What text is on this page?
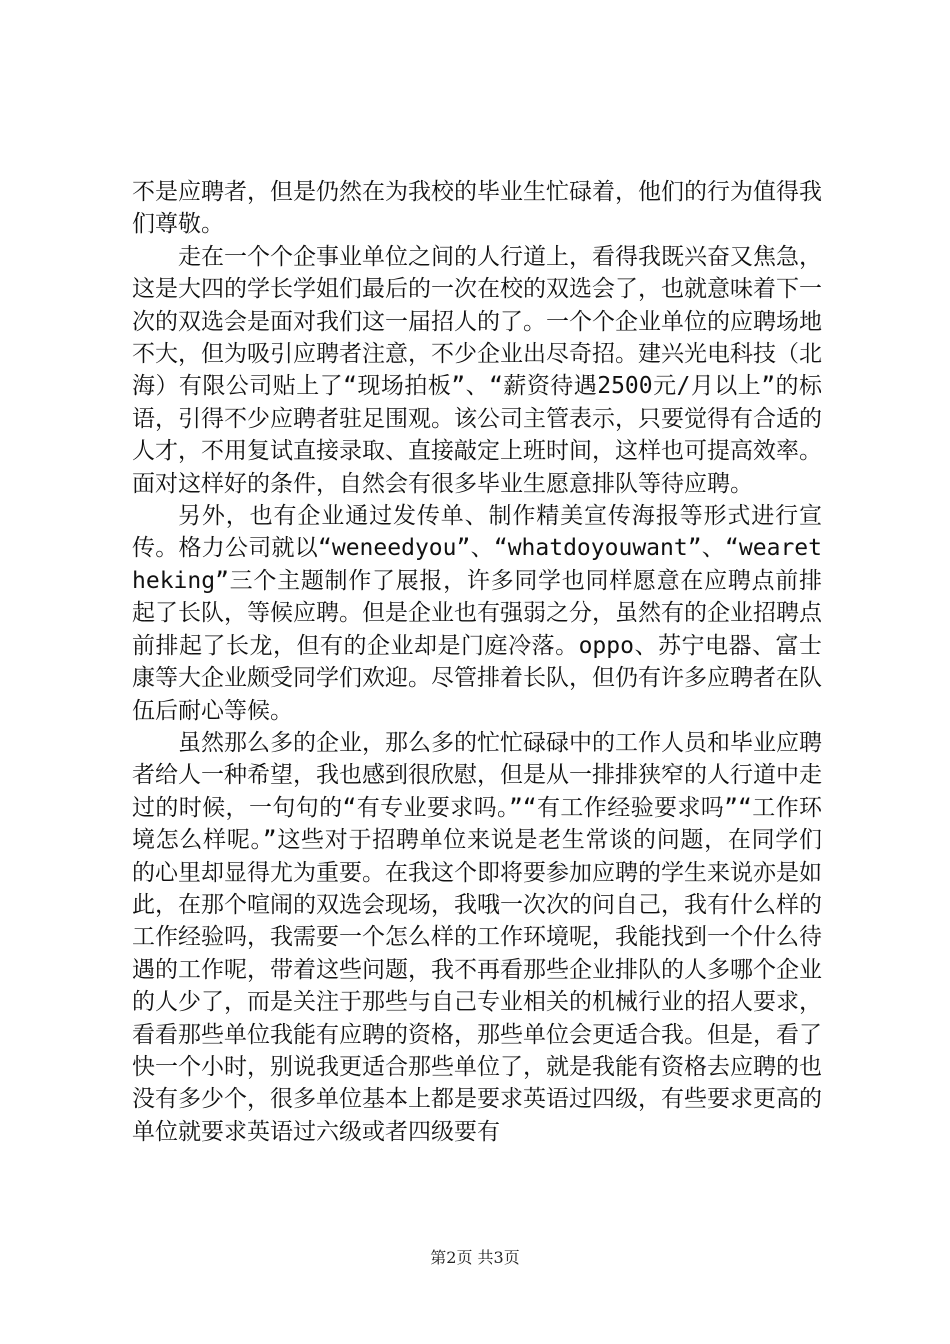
不是应聘者，但是仍然在为我校的毕业生忙碌着，他们的行为值得我们尊敬。

走在一个个企事业单位之间的人行道上，看得我既兴奋又焦急，这是大四的学长学姐们最后的一次在校的双选会了，也就意味着下一次的双选会是面对我们这一届招人的了。一个个企业单位的应聘场地不大，但为吸引应聘者注意，不少企业出尽奇招。建兴光电科技（北海）有限公司贴上了“现场拍板”、“薪资待遇2500元/月以上”的标语，引得不少应聘者驻足围观。该公司主管表示，只要觉得有合适的人才，不用复试直接录取、直接敲定上班时间，这样也可提高效率。面对这样好的条件，自然会有很多毕业生愿意排队等待应聘。

另外，也有企业通过发传单、制作精美宣传海报等形式进行宣传。格力公司就以“weneedyou”、“whatdoyouwant”、“wearetheking”三个主题制作了展报，许多同学也同样愿意在应聘点前排起了长队，等候应聘。但是企业也有强弱之分，虽然有的企业招聘点前排起了长龙，但有的企业却是门庭冷落。oppo、苏宁电器、富士康等大企业颇受同学们欢迎。尽管排着长队，但仍有许多应聘者在队伍后耐心等候。

虽然那么多的企业，那么多的忙忙碌碌中的工作人员和毕业应聘者给人一种希望，我也感到很欣慰，但是从一排排狭窄的人行道中走过的时候，一句句的“有专业要求吗。”“有工作经验要求吗”“工作环境怎么样呢。”这些对于招聘单位来说是老生常谈的问题，在同学们的心里却显得尤为重要。在我这个即将要参加应聘的学生来说亦是如此，在那个喧闹的双选会现场，我哦一次次的问自己，我有什么样的工作经验吗，我需要一个怎么样的工作环境呢，我能找到一个什么待遇的工作呢，带着这些问题，我不再看那些企业排队的人多哪个企业的人少了，而是关注于那些与自己专业相关的机械行业的招人要求，看看那些单位我能有应聘的资格，那些单位会更适合我。但是，看了快一个小时，别说我更适合那些单位了，就是我能有资格去应聘的也没有多少个，很多单位基本上都是要求英语过四级，有些要求更高的单位就要求英语过六级或者四级要有

第2页 共3页
